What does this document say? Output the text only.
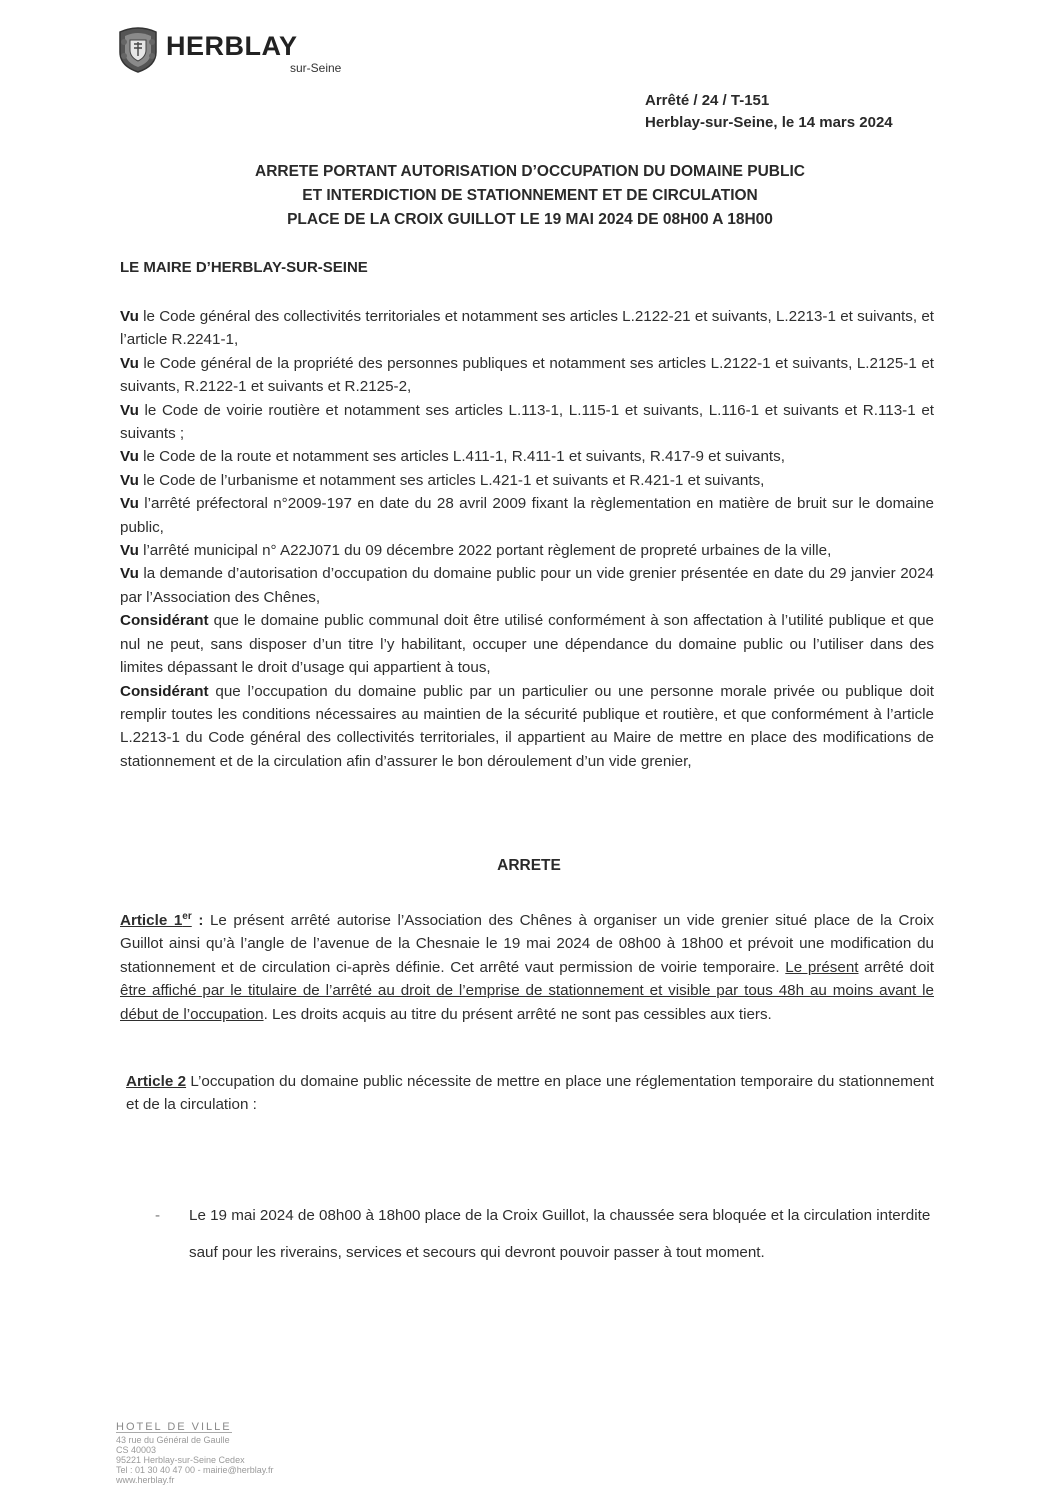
HERBLAY
sur-Seine
Arrêté / 24 / T-151
Herblay-sur-Seine, le 14 mars 2024
ARRETE PORTANT AUTORISATION D’OCCUPATION DU DOMAINE PUBLIC
ET INTERDICTION DE STATIONNEMENT ET DE CIRCULATION
PLACE DE LA CROIX GUILLOT LE 19 MAI 2024 DE 08H00 A 18H00
LE MAIRE D’HERBLAY-SUR-SEINE

Vu le Code général des collectivités territoriales et notamment ses articles L.2122-21 et suivants, L.2213-1 et suivants, et l’article R.2241-1,

Vu le Code général de la propriété des personnes publiques et notamment ses articles L.2122-1 et suivants, L.2125-1 et suivants, R.2122-1 et suivants et R.2125-2,

Vu le Code de voirie routière et notamment ses articles L.113-1, L.115-1 et suivants, L.116-1 et suivants et R.113-1 et suivants ;

Vu le Code de la route et notamment ses articles L.411-1, R.411-1 et suivants, R.417-9 et suivants,

Vu le Code de l’urbanisme et notamment ses articles L.421-1 et suivants et R.421-1 et suivants,

Vu l’arrêté préfectoral n°2009-197 en date du 28 avril 2009 fixant la règlementation en matière de bruit sur le domaine public,

Vu l’arrêté municipal n° A22J071 du 09 décembre 2022 portant règlement de propreté urbaines de la ville,

Vu la demande d’autorisation d’occupation du domaine public pour un vide grenier présentée en date du 29 janvier 2024 par l’Association des Chênes,

Considérant que le domaine public communal doit être utilisé conformément à son affectation à l’utilité publique et que nul ne peut, sans disposer d’un titre l’y habilitant, occuper une dépendance du domaine public ou l’utiliser dans des limites dépassant le droit d’usage qui appartient à tous,

Considérant que l’occupation du domaine public par un particulier ou une personne morale privée ou publique doit remplir toutes les conditions nécessaires au maintien de la sécurité publique et routière, et que conformément à l’article L.2213-1 du Code général des collectivités territoriales, il appartient au Maire de mettre en place des modifications de stationnement et de la circulation afin d’assurer le bon déroulement d’un vide grenier,

ARRETE

Article 1er : Le présent arrêté autorise l’Association des Chênes à organiser un vide grenier situé place de la Croix Guillot ainsi qu’à l’angle de l’avenue de la Chesnaie le 19 mai 2024 de 08h00 à 18h00 et prévoit une modification du stationnement et de circulation ci-après définie. Cet arrêté vaut permission de voirie temporaire. Le présent arrêté doit être affiché par le titulaire de l’arrêté au droit de l’emprise de stationnement et visible par tous 48h au moins avant le début de l’occupation. Les droits acquis au titre du présent arrêté ne sont pas cessibles aux tiers.

Article 2 L’occupation du domaine public nécessite de mettre en place une réglementation temporaire du stationnement et de la circulation :

-	Le 19 mai 2024 de 08h00 à 18h00 place de la Croix Guillot, la chaussée sera bloquée et la circulation interdite sauf pour les riverains, services et secours qui devront pouvoir passer à tout moment.
HOTEL DE VILLE
43 rue du Général de Gaulle
CS 40003
95221 Herblay-sur-Seine Cedex
Tel : 01 30 40 47 00 - mairie@herblay.fr
www.herblay.fr
